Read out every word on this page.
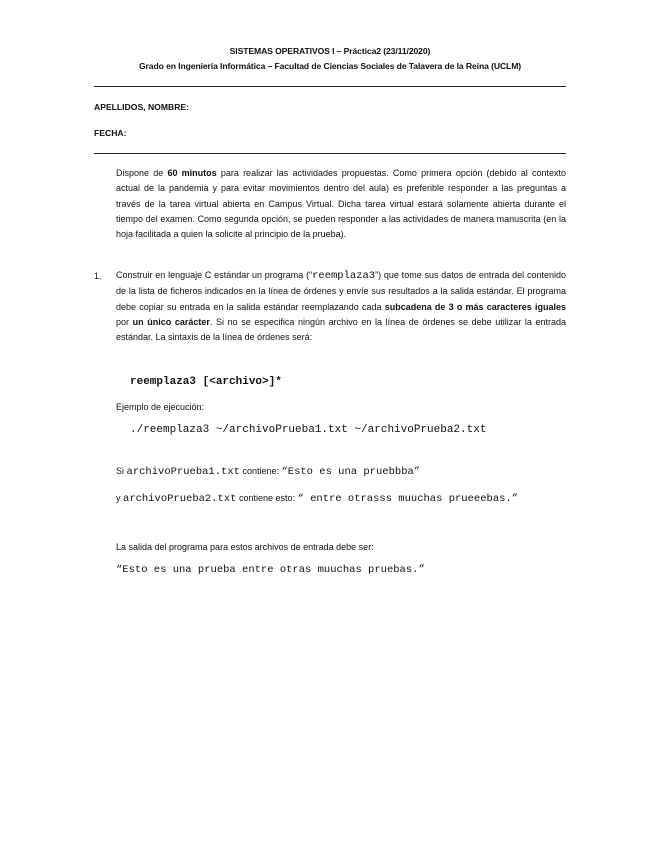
SISTEMAS OPERATIVOS I – Práctica2 (23/11/2020)
Grado en Ingeniería Informática – Facultad de Ciencias Sociales de Talavera de la Reina (UCLM)
APELLIDOS, NOMBRE:
FECHA:
Dispone de 60 minutos para realizar las actividades propuestas. Como primera opción (debido al contexto actual de la pandemia y para evitar movimientos dentro del aula) es preferible responder a las preguntas a través de la tarea virtual abierta en Campus Virtual. Dicha tarea virtual estará solamente abierta durante el tiempo del examen. Como segunda opción, se pueden responder a las actividades de manera manuscrita (en la hoja facilitada a quien la solicite al principio de la prueba).
1. Construir en lenguaje C estándar un programa (“reemplaza3”) que tome sus datos de entrada del contenido de la lista de ficheros indicados en la línea de órdenes y envíe sus resultados a la salida estándar. El programa debe copiar su entrada en la salida estándar reemplazando cada subcadena de 3 o más caracteres iguales por un único carácter. Si no se especifica ningún archivo en la línea de órdenes se debe utilizar la entrada estándar. La sintaxis de la línea de órdenes será:
reemplaza3 [<archivo>]*
Ejemplo de ejecución:
./reemplaza3 ~/archivoPrueba1.txt ~/archivoPrueba2.txt
Si archivoPrueba1.txt contiene: “Esto es una pruebbba”
y archivoPrueba2.txt contiene esto: “ entre otrasss muuchas prueeebas.”
La salida del programa para estos archivos de entrada debe ser:
“Esto es una prueba entre otras muuchas pruebas.”
